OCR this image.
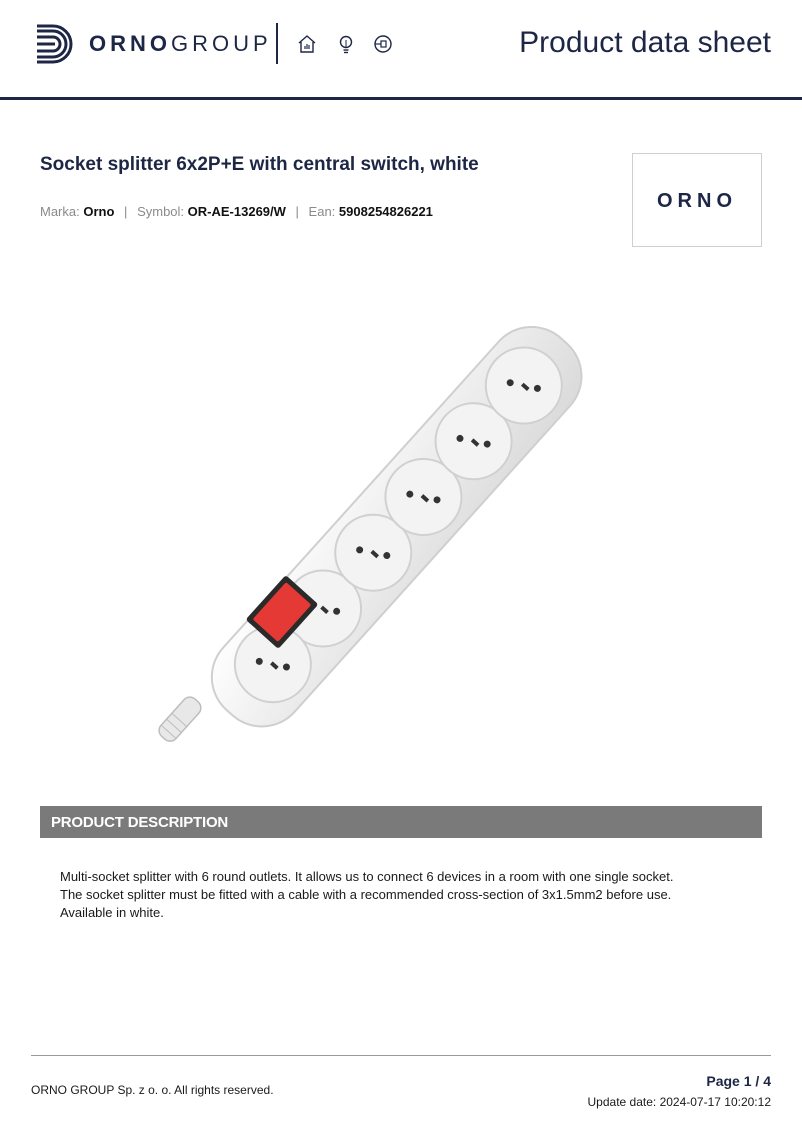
ORNOGROUP	Product data sheet
Socket splitter 6x2P+E with central switch, white
Marka: Orno | Symbol: OR-AE-13269/W | Ean: 5908254826221	ORNO
PRODUCT DESCRIPTION
Multi-socket splitter with 6 round outlets. It allows us to connect 6 devices in a room with one single socket.
The socket splitter must be fitted with a cable with a recommended cross-section of 3x1.5mm2 before use.
Available in white.
ORNO GROUP Sp. z o. o. All rights reserved.
Page 1 / 4
Update date: 2024-07-17 10:20:12
